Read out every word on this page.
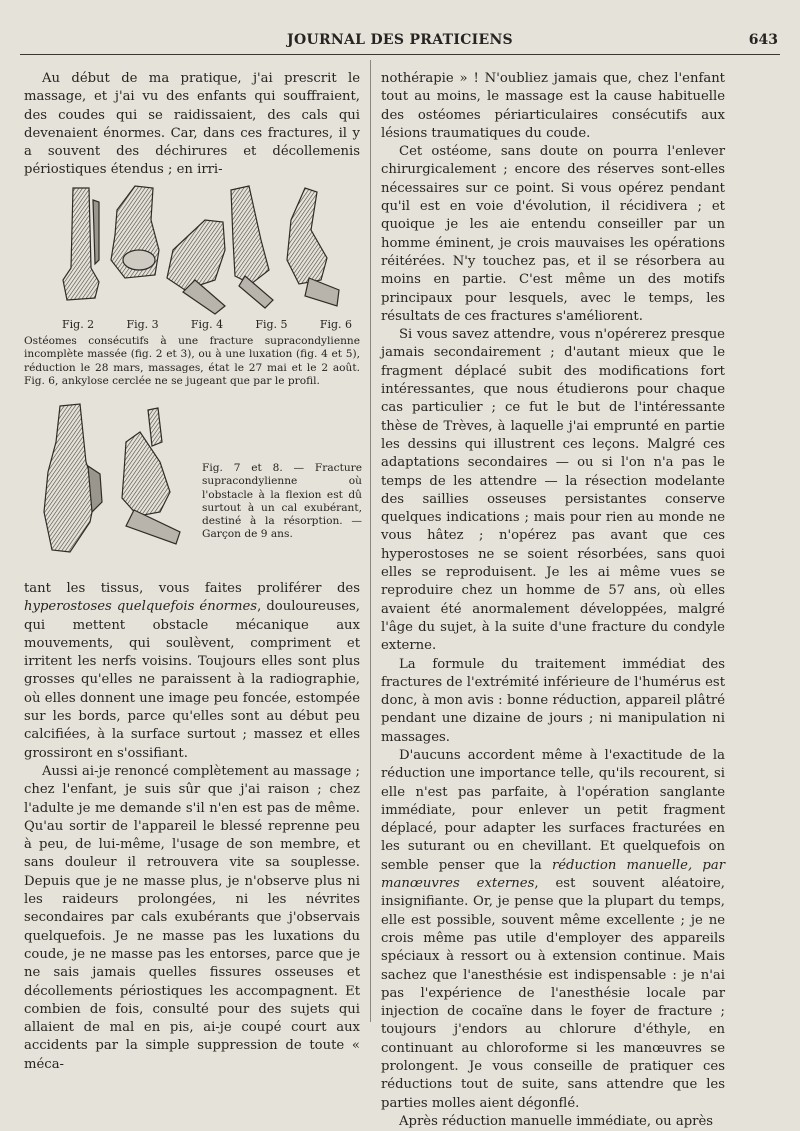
JOURNAL DES PRATICIENS	643

Au début de ma pratique, j'ai prescrit le massage, et j'ai vu des enfants qui souffraient, des coudes qui se raidissaient, des cals qui devenaient énormes. Car, dans ces fractures, il y a souvent des déchirures et décollemenis périostiques étendus ; en irri-

Fig. 2	Fig. 3	Fig. 4	Fig. 5	Fig. 6
Ostéomes consécutifs à une fracture supracondylienne incomplète massée (fig. 2 et 3), ou à une luxation (fig. 4 et 5), réduction le 28 mars, massages, état le 27 mai et le 2 août. Fig. 6, ankylose cerclée ne se jugeant que par le profil.
Fig. 7 et 8. — Fracture supracondylienne où l'obstacle à la flexion est dû surtout à un cal exubérant, destiné à la résorption. — Garçon de 9 ans.

tant les tissus, vous faites proliférer des hyperostoses quelquefois énormes, douloureuses, qui mettent obstacle mécanique aux mouvements, qui soulèvent, compriment et irritent les nerfs voisins. Toujours elles sont plus grosses qu'elles ne paraissent à la radiographie, où elles donnent une image peu foncée, estompée sur les bords, parce qu'elles sont au début peu calcifiées, à la surface surtout ; massez et elles grossiront en s'ossifiant.

Aussi ai-je renoncé complètement au massage ; chez l'enfant, je suis sûr que j'ai raison ; chez l'adulte je me demande s'il n'en est pas de même. Qu'au sortir de l'appareil le blessé reprenne peu à peu, de lui-même, l'usage de son membre, et sans douleur il retrouvera vite sa souplesse. Depuis que je ne masse plus, je n'observe plus ni les raideurs prolongées, ni les névrites secondaires par cals exubérants que j'observais quelquefois. Je ne masse pas les luxations du coude, je ne masse pas les entorses, parce que je ne sais jamais quelles fissures osseuses et décollements périostiques les accompagnent. Et combien de fois, consulté pour des sujets qui allaient de mal en pis, ai-je coupé court aux accidents par la simple suppression de toute « méca-

nothérapie » ! N'oubliez jamais que, chez l'enfant tout au moins, le massage est la cause habituelle des ostéomes périarticulaires consécutifs aux lésions traumatiques du coude.

Cet ostéome, sans doute on pourra l'enlever chirurgicalement ; encore des réserves sont-elles nécessaires sur ce point. Si vous opérez pendant qu'il est en voie d'évolution, il récidivera ; et quoique je les aie entendu conseiller par un homme éminent, je crois mauvaises les opérations réitérées. N'y touchez pas, et il se résorbera au moins en partie. C'est même un des motifs principaux pour lesquels, avec le temps, les résultats de ces fractures s'améliorent.

Si vous savez attendre, vous n'opérerez presque jamais secondairement ; d'autant mieux que le fragment déplacé subit des modifications fort intéressantes, que nous étudierons pour chaque cas particulier ; ce fut le but de l'intéressante thèse de Trèves, à laquelle j'ai emprunté en partie les dessins qui illustrent ces leçons. Malgré ces adaptations secondaires — ou si l'on n'a pas le temps de les attendre — la résection modelante des saillies osseuses persistantes conserve quelques indications ; mais pour rien au monde ne vous hâtez ; n'opérez pas avant que ces hyperostoses ne se soient résorbées, sans quoi elles se reproduisent. Je les ai même vues se reproduire chez un homme de 57 ans, où elles avaient été anormalement développées, malgré l'âge du sujet, à la suite d'une fracture du condyle externe.

La formule du traitement immédiat des fractures de l'extrémité inférieure de l'humérus est donc, à mon avis : bonne réduction, appareil plâtré pendant une dizaine de jours ; ni manipulation ni massages.

D'aucuns accordent même à l'exactitude de la réduction une importance telle, qu'ils recourent, si elle n'est pas parfaite, à l'opération sanglante immédiate, pour enlever un petit fragment déplacé, pour adapter les surfaces fracturées en les suturant ou en chevillant. Et quelquefois on semble penser que la réduction manuelle, par manœuvres externes, est souvent aléatoire, insignifiante. Or, je pense que la plupart du temps, elle est possible, souvent même excellente ; je ne crois même pas utile d'employer des appareils spéciaux à ressort ou à extension continue. Mais sachez que l'anesthésie est indispensable : je n'ai pas l'expérience de l'anesthésie locale par injection de cocaïne dans le foyer de fracture ; toujours j'endors au chlorure d'éthyle, en continuant au chloroforme si les manœuvres se prolongent. Je vous conseille de pratiquer ces réductions tout de suite, sans attendre que les parties molles aient dégonflé.

Après réduction manuelle immédiate, ou après
